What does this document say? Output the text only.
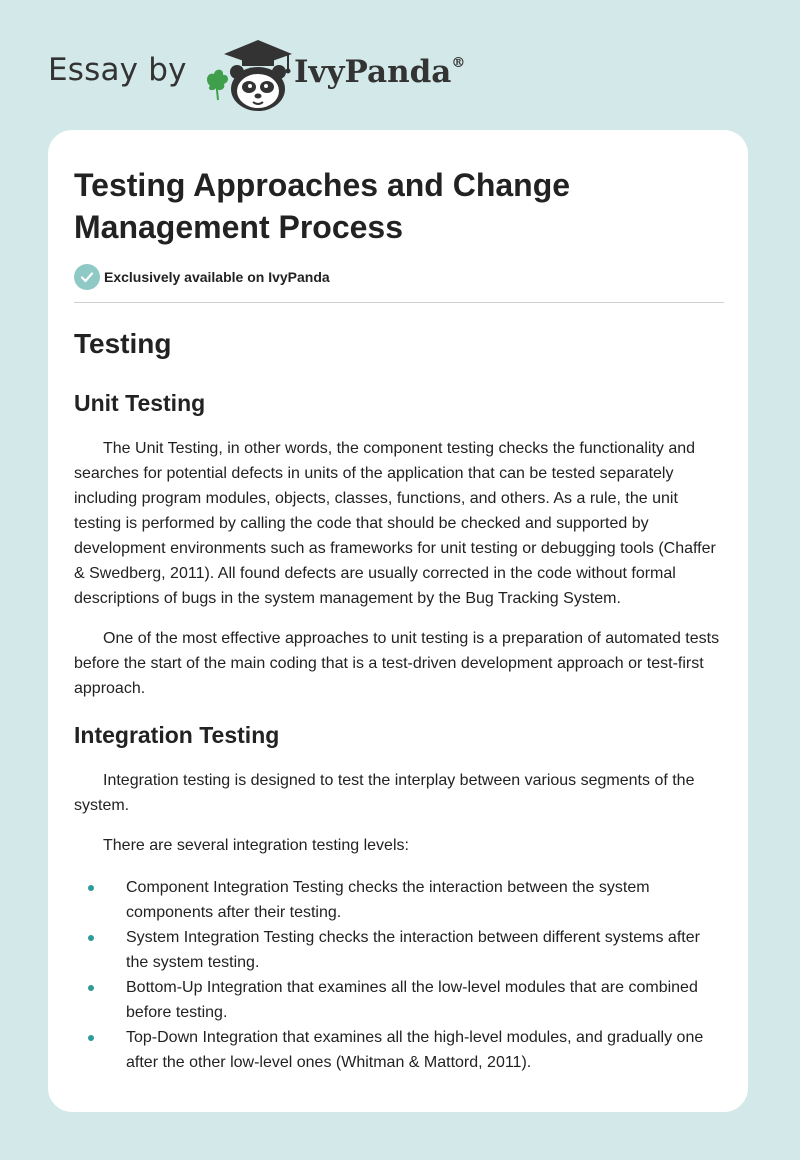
Essay by	IvyPanda®
Testing Approaches and Change Management Process
Exclusively available on IvyPanda
Testing
Unit Testing

The Unit Testing, in other words, the component testing checks the functionality and searches for potential defects in units of the application that can be tested separately including program modules, objects, classes, functions, and others. As a rule, the unit testing is performed by calling the code that should be checked and supported by development environments such as frameworks for unit testing or debugging tools (Chaffer & Swedberg, 2011). All found defects are usually corrected in the code without formal descriptions of bugs in the system management by the Bug Tracking System.

One of the most effective approaches to unit testing is a preparation of automated tests before the start of the main coding that is a test-driven development approach or test-first approach.

Integration Testing

Integration testing is designed to test the interplay between various segments of the system.

There are several integration testing levels:

Component Integration Testing checks the interaction between the system components after their testing.
System Integration Testing checks the interaction between different systems after the system testing.
Bottom-Up Integration that examines all the low-level modules that are combined before testing.
Top-Down Integration that examines all the high-level modules, and gradually one after the other low-level ones (Whitman & Mattord, 2011).
